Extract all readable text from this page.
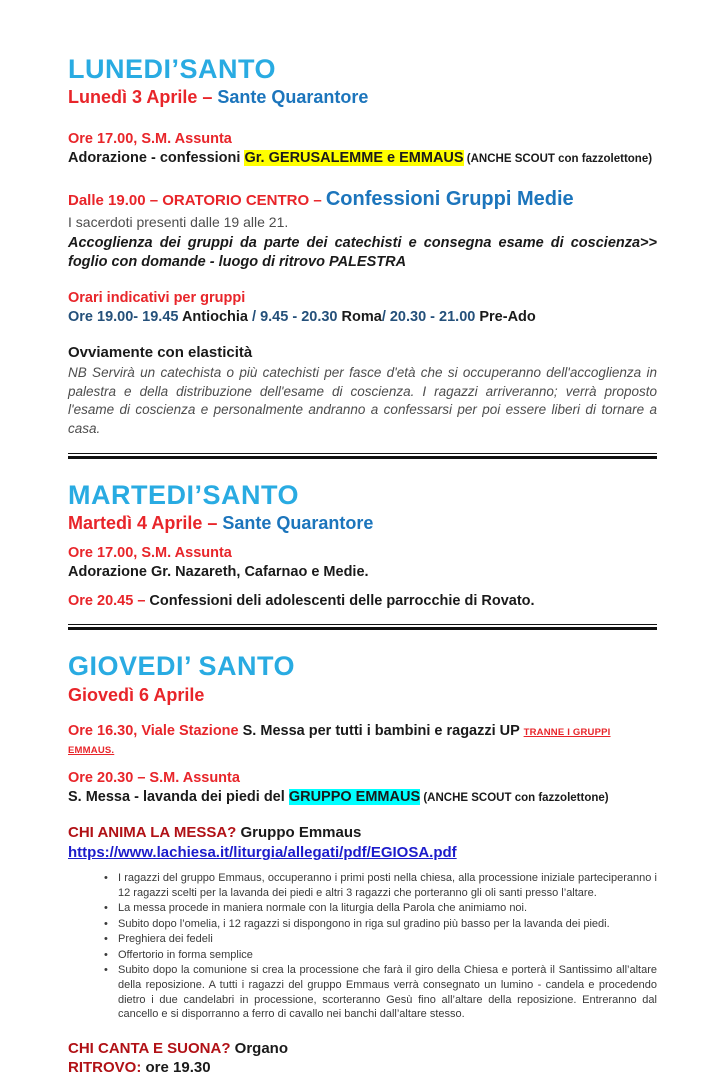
LUNEDI’SANTO
Lunedì 3 Aprile – Sante Quarantore
Ore 17.00, S.M. Assunta
Adorazione - confessioni Gr. GERUSALEMME e EMMAUS (ANCHE SCOUT con fazzolettone)
Dalle 19.00 – ORATORIO CENTRO – Confessioni Gruppi Medie
I sacerdoti presenti dalle 19 alle 21.
Accoglienza dei gruppi da parte dei catechisti e consegna esame di coscienza>> foglio con domande - luogo di ritrovo PALESTRA
Orari indicativi per gruppi
Ore 19.00- 19.45 Antiochia / 9.45 - 20.30 Roma/ 20.30 - 21.00 Pre-Ado
Ovviamente con elasticità
NB Servirà un catechista o più catechisti per fasce d'età che si occuperanno dell'accoglienza in palestra e della distribuzione dell'esame di coscienza. I ragazzi arriveranno; verrà proposto l'esame di coscienza e personalmente andranno a confessarsi per poi essere liberi di tornare a casa.
MARTEDI’SANTO
Martedì 4 Aprile – Sante Quarantore
Ore 17.00, S.M. Assunta
Adorazione Gr. Nazareth, Cafarnao e Medie.
Ore 20.45 – Confessioni deli adolescenti delle parrocchie di Rovato.
GIOVEDI’ SANTO
Giovedì 6 Aprile
Ore 16.30, Viale Stazione S. Messa per tutti i bambini e ragazzi UP TRANNE I GRUPPI EMMAUS.
Ore 20.30 – S.M. Assunta
S. Messa - lavanda dei piedi del GRUPPO EMMAUS (ANCHE SCOUT con fazzolettone)
CHI ANIMA LA MESSA? Gruppo Emmaus
https://www.lachiesa.it/liturgia/allegati/pdf/EGIOSA.pdf
• I ragazzi del gruppo Emmaus, occuperanno i primi posti nella chiesa, alla processione iniziale parteciperanno i 12 ragazzi scelti per la lavanda dei piedi e altri 3 ragazzi che porteranno gli oli santi presso l’altare.
• La messa procede in maniera normale con la liturgia della Parola che animiamo noi.
• Subito dopo l’omelia, i 12 ragazzi si dispongono in riga sul gradino più basso per la lavanda dei piedi.
• Preghiera dei fedeli
• Offertorio in forma semplice
• Subito dopo la comunione si crea la processione che farà il giro della Chiesa e porterà il Santissimo all’altare della reposizione. A tutti i ragazzi del gruppo Emmaus verrà consegnato un lumino - candela e procedendo dietro i due candelabri in processione, scorteranno Gesù fino all’altare della reposizione. Entreranno dal cancello e si disporranno a ferro di cavallo nei banchi dall’altare stesso.
CHI CANTA E SUONA? Organo
RITROVO: ore 19.30
